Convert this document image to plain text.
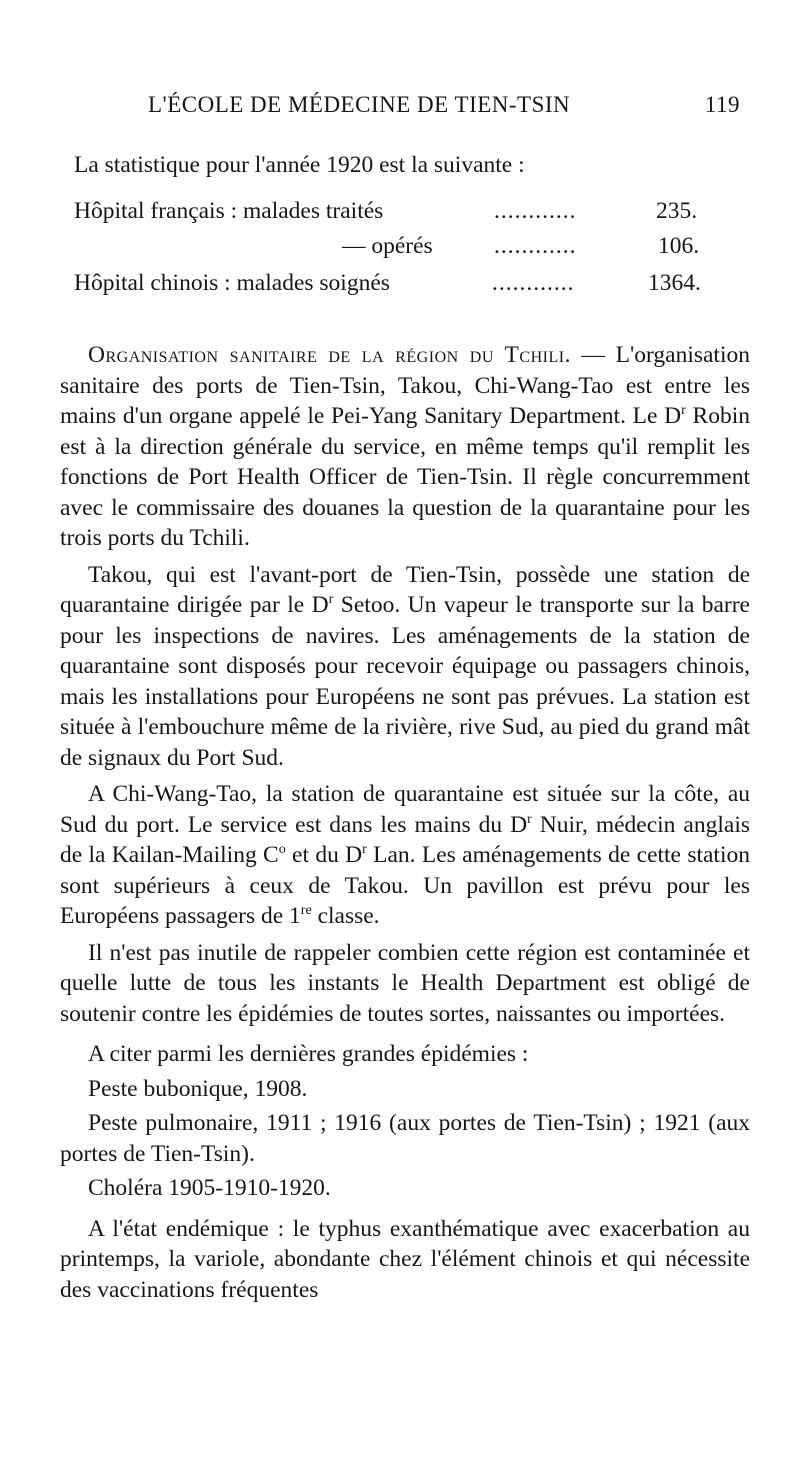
L'ÉCOLE DE MÉDECINE DE TIEN-TSIN	119
La statistique pour l'année 1920 est la suivante :
Hôpital français : malades traités	............	235.
— opérés	............	106.
Hôpital chinois : malades soignés	............	1364.

Organisation sanitaire de la région du Tchili. — L'organisation sanitaire des ports de Tien-Tsin, Takou, Chi-Wang-Tao est entre les mains d'un organe appelé le Pei-Yang Sanitary Department. Le $D^r$ Robin est à la direction générale du service, en même temps qu'il remplit les fonctions de Port Health Officer de Tien-Tsin. Il règle concurremment avec le commissaire des douanes la question de la quarantaine pour les trois ports du Tchili.

Takou, qui est l'avant-port de Tien-Tsin, possède une station de quarantaine dirigée par le $D^r$ Setoo. Un vapeur le transporte sur la barre pour les inspections de navires. Les aménagements de la station de quarantaine sont disposés pour recevoir équipage ou passagers chinois, mais les installations pour Européens ne sont pas prévues. La station est située à l'embouchure même de la rivière, rive Sud, au pied du grand mât de signaux du Port Sud.

A Chi-Wang-Tao, la station de quarantaine est située sur la côte, au Sud du port. Le service est dans les mains du $D^r$ Nuir, médecin anglais de la Kailan-Mailing $C^o$ et du $D^r$ Lan. Les aménagements de cette station sont supérieurs à ceux de Takou. Un pavillon est prévu pour les Européens passagers de 1re classe.

Il n'est pas inutile de rappeler combien cette région est contaminée et quelle lutte de tous les instants le Health Department est obligé de soutenir contre les épidémies de toutes sortes, naissantes ou importées.

A citer parmi les dernières grandes épidémies :

Peste bubonique, 1908.

Peste pulmonaire, 1911 ; 1916 (aux portes de Tien-Tsin) ; 1921 (aux portes de Tien-Tsin).

Choléra 1905-1910-1920.

A l'état endémique : le typhus exanthématique avec exacerbation au printemps, la variole, abondante chez l'élément chinois et qui nécessite des vaccinations fréquentes
